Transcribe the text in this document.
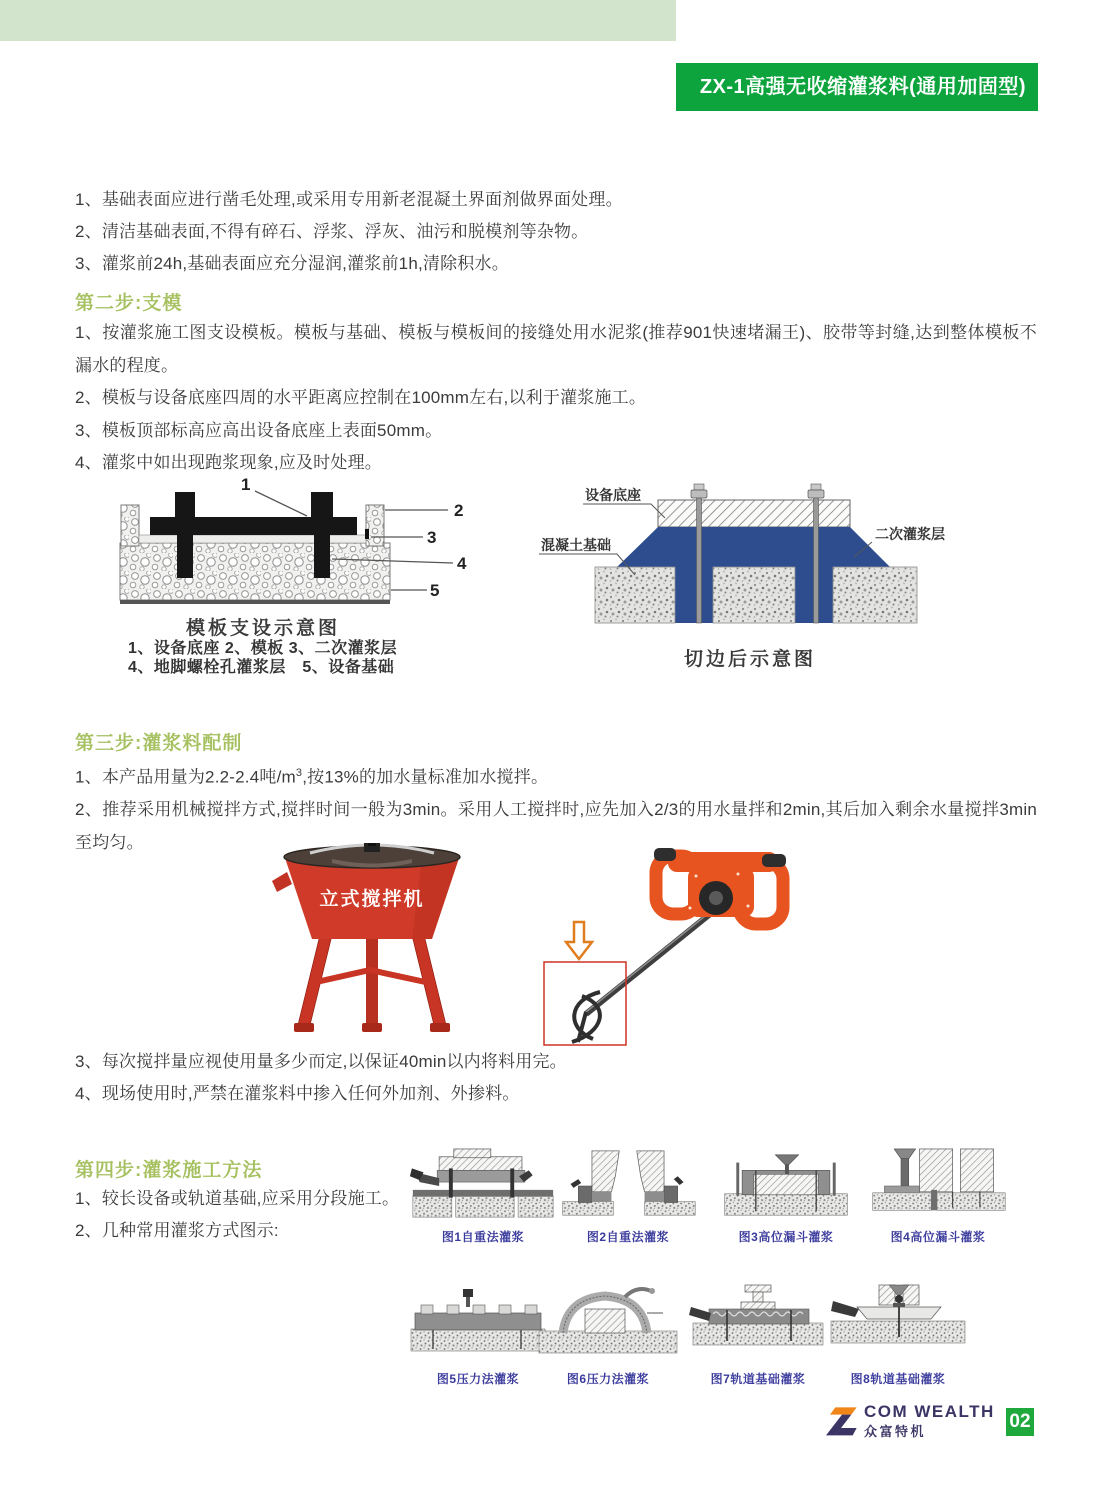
ZX-1高强无收缩灌浆料(通用加固型)
1、基础表面应进行凿毛处理,或采用专用新老混凝土界面剂做界面处理。
2、清洁基础表面,不得有碎石、浮浆、浮灰、油污和脱模剂等杂物。
3、灌浆前24h,基础表面应充分湿润,灌浆前1h,清除积水。
第二步:支模
1、按灌浆施工图支设模板。模板与基础、模板与模板间的接缝处用水泥浆(推荐901快速堵漏王)、胶带等封缝,达到整体模板不漏水的程度。
2、模板与设备底座四周的水平距离应控制在100mm左右,以利于灌浆施工。
3、模板顶部标高应高出设备底座上表面50mm。
4、灌浆中如出现跑浆现象,应及时处理。
1
2
3
4
5
模板支设示意图
1、设备底座 2、模板 3、二次灌浆层
4、地脚螺栓孔灌浆层　5、设备基础
设备底座
混凝土基础
二次灌浆层
切边后示意图
第三步:灌浆料配制
1、本产品用量为2.2-2.4吨$/m^3$,按13%的加水量标准加水搅拌。
2、推荐采用机械搅拌方式,搅拌时间一般为3min。采用人工搅拌时,应先加入2/3的用水量拌和2min,其后加入剩余水量搅拌3min至均匀。
立式搅拌机
3、每次搅拌量应视使用量多少而定,以保证40min以内将料用完。
4、现场使用时,严禁在灌浆料中掺入任何外加剂、外掺料。
第四步:灌浆施工方法
1、较长设备或轨道基础,应采用分段施工。
2、几种常用灌浆方式图示:	图1自重法灌浆	图2自重法灌浆	图3高位漏斗灌浆	图4高位漏斗灌浆
图5压力法灌浆	图6压力法灌浆	图7轨道基础灌浆	图8轨道基础灌浆
COM WEALTH
众富特机	02
